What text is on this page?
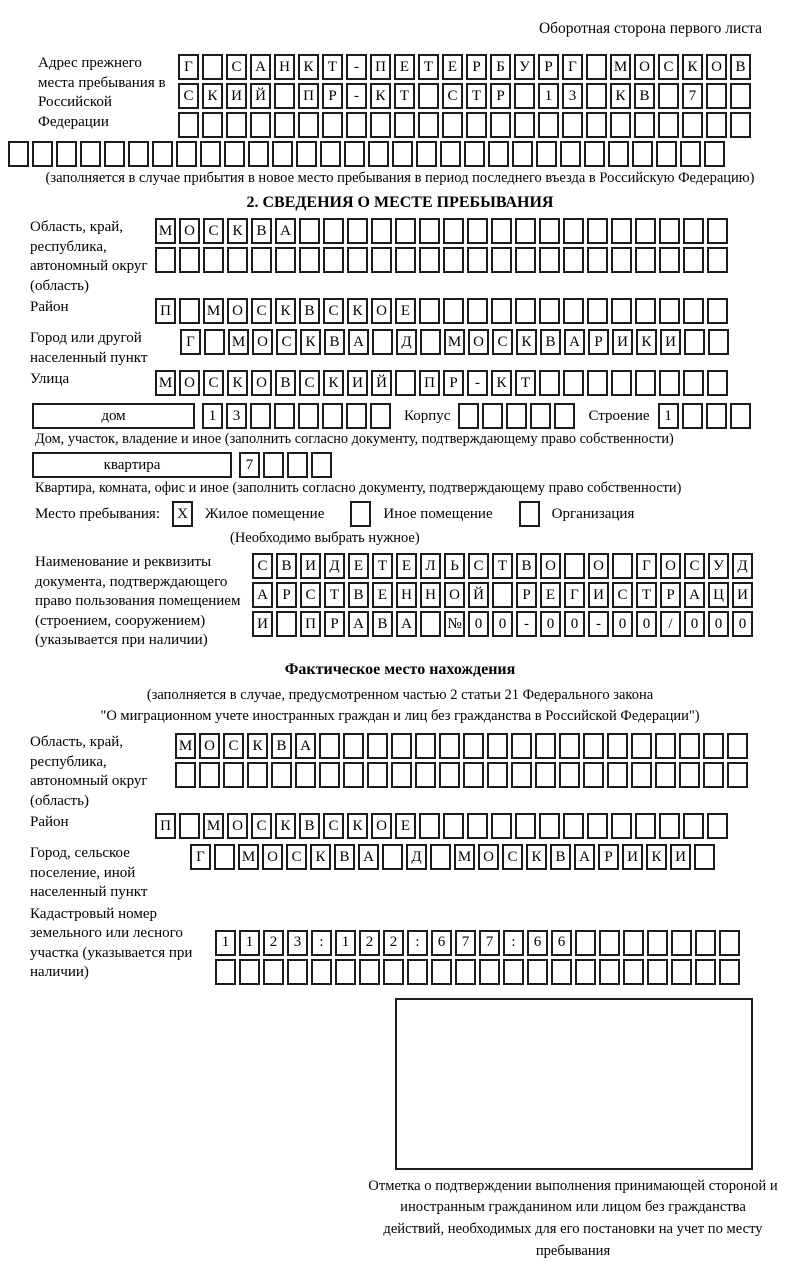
Оборотная сторона первого листа
Адрес прежнего места пребывания в Российской Федерации
Г	С А Н К Т	-	П Е Т Е	Р	Б У Р	Г	М О С К О В
С К И Й	П Р	-	К Т	С Т	Р	1	3	К В	7
(заполняется в случае прибытия в новое место пребывания в период последнего въезда в Российскую Федерацию)
2. СВЕДЕНИЯ О МЕСТЕ ПРЕБЫВАНИЯ
Область, край, республика, автономный округ (область)
М О С К В А
Район	П	М О С К В С К О Е
Город или другой населенный пункт
Г	М О С К В А	Д	М О С К В А Р И К И
Улица	М О С К О В С К И Й	П Р	-	К Т
дом	1	3	Корпус	Строение 1
Дом, участок, владение и иное (заполнить согласно документу, подтверждающему право собственности)
квартира	7
Квартира, комната, офис и иное (заполнить согласно документу, подтверждающему право собственности)
Место пребывания:	X	Жилое помещение	Иное помещение	Организация
(Необходимо выбрать нужное)
Наименование и реквизиты документа, подтверждающего право пользования помещением (строением, сооружением) (указывается при наличии)
С В И Д Е Т Е Л Ь С Т В О	О	Г О С У Д
А Р С Т В Е Н Н О Й	Р	Е	Г И С Т	Р А Ц И
И	П Р А В А	№ 0	0	-	0	0	-	0	0	/	0	0	0
Фактическое место нахождения
(заполняется в случае, предусмотренном частью 2 статьи 21 Федерального закона
"О миграционном учете иностранных граждан и лиц без гражданства в Российской Федерации")
Область, край, республика, автономный округ (область)
М О С К В А
Район	П	М О С К В С К О Е
Город, сельское поселение, иной населенный пункт
Г	М О С К В А	Д	М О С К В А Р И К И
Кадастровый номер земельного или лесного участка (указывается при наличии)
1	1	2	3	:	1	2	2	:	6	7	7	:	6	6
Отметка о подтверждении выполнения принимающей стороной и иностранным гражданином или лицом без гражданства действий, необходимых для его постановки на учет по месту пребывания
